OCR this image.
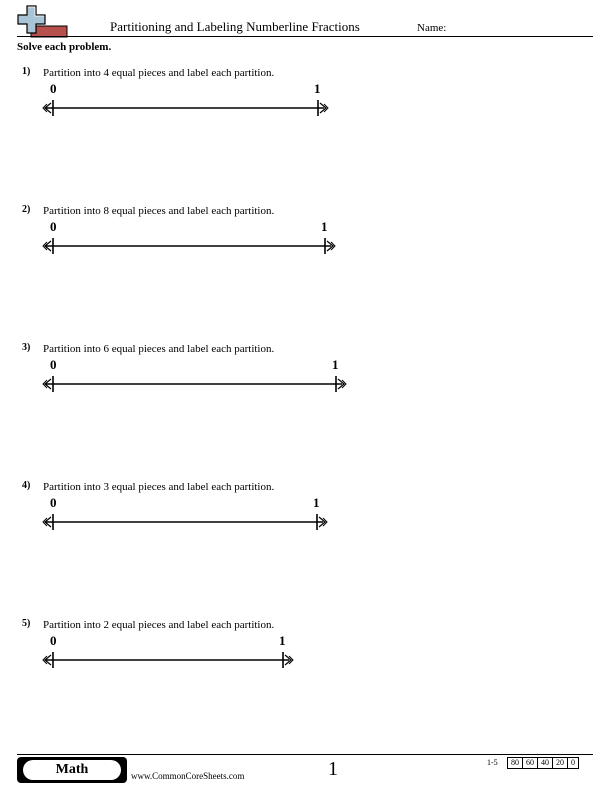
Partitioning and Labeling Numberline Fractions	Name:
Solve each problem.
1) Partition into 4 equal pieces and label each partition.
0	1
2) Partition into 8 equal pieces and label each partition.
0	1
3) Partition into 6 equal pieces and label each partition.
0	1
4) Partition into 3 equal pieces and label each partition.
0	1
5) Partition into 2 equal pieces and label each partition.
0	1
Math	www.CommonCoreSheets.com	1	1-5	80 60 40 20 0
